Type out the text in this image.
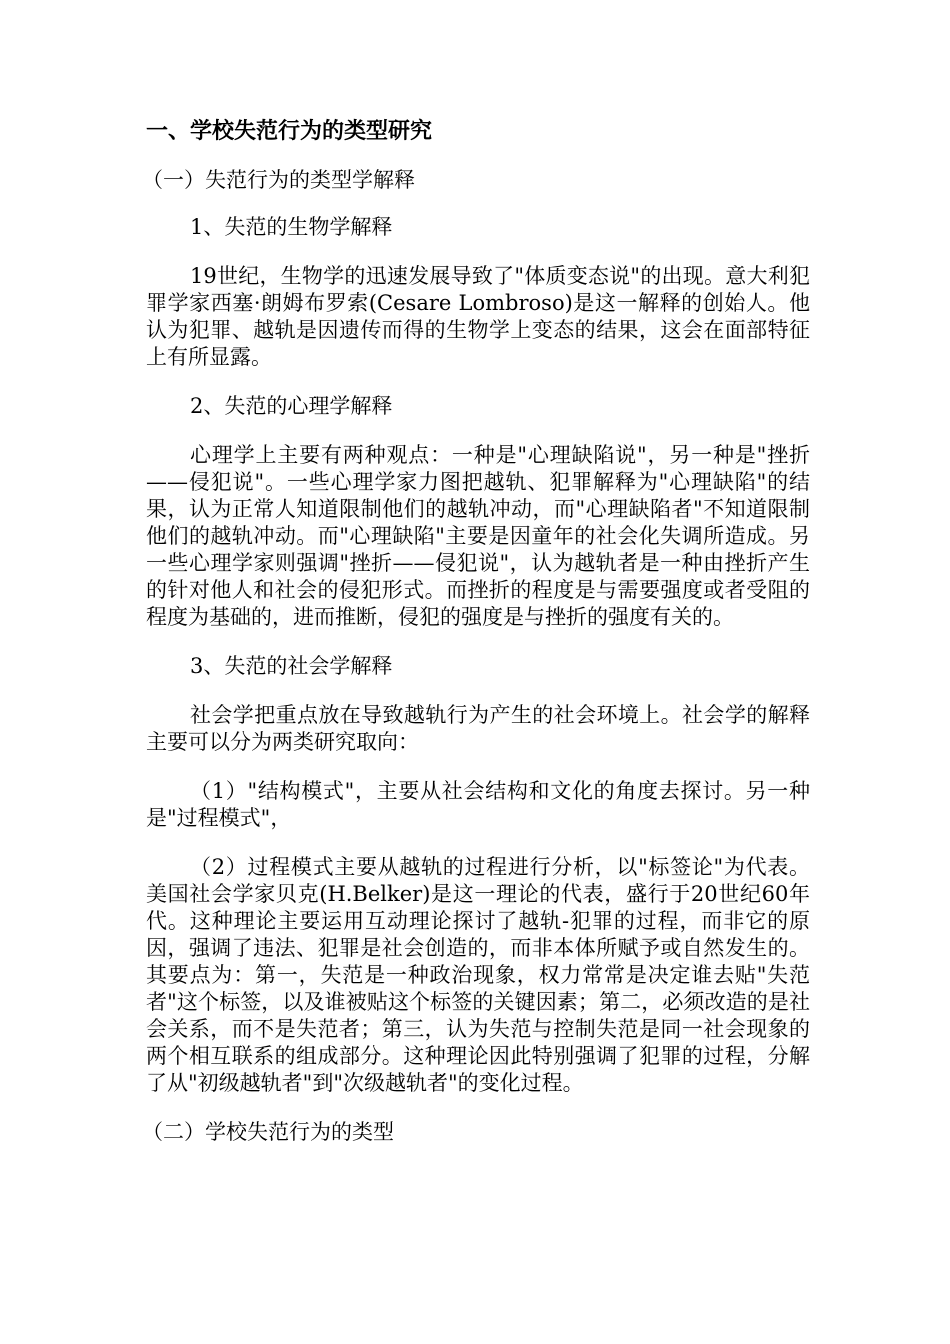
一、学校失范行为的类型研究
（一）失范行为的类型学解释
1、失范的生物学解释
19世纪，生物学的迅速发展导致了"体质变态说"的出现。意大利犯罪学家西塞·朗姆布罗索(Cesare Lombroso)是这一解释的创始人。他认为犯罪、越轨是因遗传而得的生物学上变态的结果，这会在面部特征上有所显露。
2、失范的心理学解释
心理学上主要有两种观点：一种是"心理缺陷说"，另一种是"挫折——侵犯说"。一些心理学家力图把越轨、犯罪解释为"心理缺陷"的结果，认为正常人知道限制他们的越轨冲动，而"心理缺陷者"不知道限制他们的越轨冲动。而"心理缺陷"主要是因童年的社会化失调所造成。另一些心理学家则强调"挫折——侵犯说"，认为越轨者是一种由挫折产生的针对他人和社会的侵犯形式。而挫折的程度是与需要强度或者受阻的程度为基础的，进而推断，侵犯的强度是与挫折的强度有关的。
3、失范的社会学解释
社会学把重点放在导致越轨行为产生的社会环境上。社会学的解释主要可以分为两类研究取向：
（1）"结构模式"，主要从社会结构和文化的角度去探讨。另一种是"过程模式"，
（2）过程模式主要从越轨的过程进行分析，以"标签论"为代表。美国社会学家贝克(H.Belker)是这一理论的代表，盛行于20世纪60年代。这种理论主要运用互动理论探讨了越轨-犯罪的过程，而非它的原因，强调了违法、犯罪是社会创造的，而非本体所赋予或自然发生的。其要点为：第一，失范是一种政治现象，权力常常是决定谁去贴"失范者"这个标签，以及谁被贴这个标签的关键因素；第二，必须改造的是社会关系，而不是失范者；第三，认为失范与控制失范是同一社会现象的两个相互联系的组成部分。这种理论因此特别强调了犯罪的过程，分解了从"初级越轨者"到"次级越轨者"的变化过程。
（二）学校失范行为的类型
